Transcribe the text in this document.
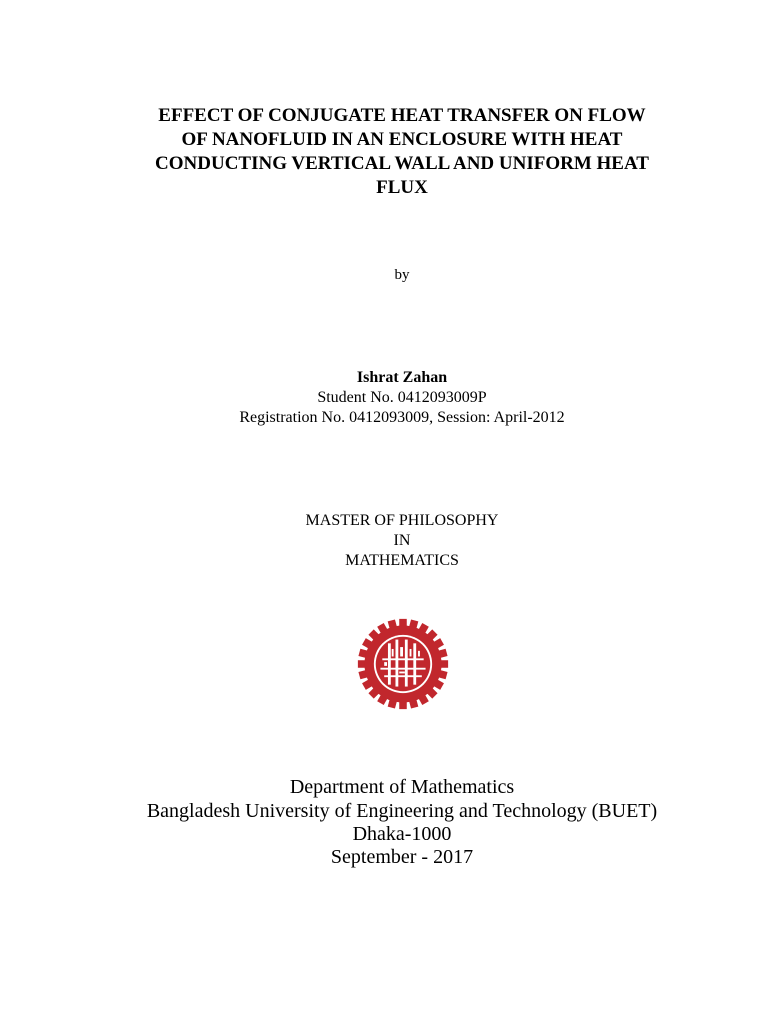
EFFECT OF CONJUGATE HEAT TRANSFER ON FLOW
OF NANOFLUID IN AN ENCLOSURE WITH HEAT
CONDUCTING VERTICAL WALL AND UNIFORM HEAT
FLUX
by
Ishrat Zahan
Student No. 0412093009P
Registration No. 0412093009, Session: April-2012
MASTER OF PHILOSOPHY
IN
MATHEMATICS
Department of Mathematics
Bangladesh University of Engineering and Technology (BUET)
Dhaka-1000
September - 2017
